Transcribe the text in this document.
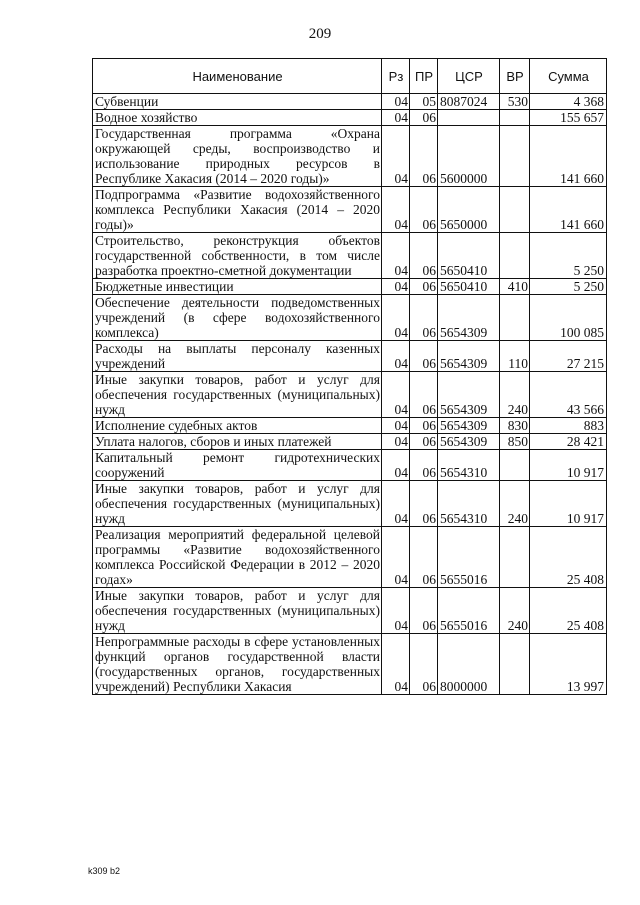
209
Наименование	Рз	ПР	ЦСР	ВР	Сумма
Субвенции	04	05	8087024	530	4 368
Водное хозяйство	04	06			155 657
Государственная программа «Охрана окружающей среды, воспроизводство и использование природных ресурсов в Республике Хакасия (2014 – 2020 годы)»	04	06	5600000		141 660
Подпрограмма «Развитие водохозяйственного комплекса Республики Хакасия (2014 – 2020 годы)»	04	06	5650000		141 660
Строительство, реконструкция объектов государственной собственности, в том числе разработка проектно-сметной документации	04	06	5650410		5 250
Бюджетные инвестиции	04	06	5650410	410	5 250
Обеспечение деятельности подведомственных учреждений (в сфере водохозяйственного комплекса)	04	06	5654309		100 085
Расходы на выплаты персоналу казенных учреждений	04	06	5654309	110	27 215
Иные закупки товаров, работ и услуг для обеспечения государственных (муниципальных) нужд	04	06	5654309	240	43 566
Исполнение судебных актов	04	06	5654309	830	883
Уплата налогов, сборов и иных платежей	04	06	5654309	850	28 421
Капитальный ремонт гидротехнических сооружений	04	06	5654310		10 917
Иные закупки товаров, работ и услуг для обеспечения государственных (муниципальных) нужд	04	06	5654310	240	10 917
Реализация мероприятий федеральной целевой программы «Развитие водохозяйственного комплекса Российской Федерации в 2012 – 2020 годах»	04	06	5655016		25 408
Иные закупки товаров, работ и услуг для обеспечения государственных (муниципальных) нужд	04	06	5655016	240	25 408
Непрограммные расходы в сфере установленных функций органов государственной власти (государственных органов, государственных учреждений) Республики Хакасия	04	06	8000000		13 997
k309 b2
